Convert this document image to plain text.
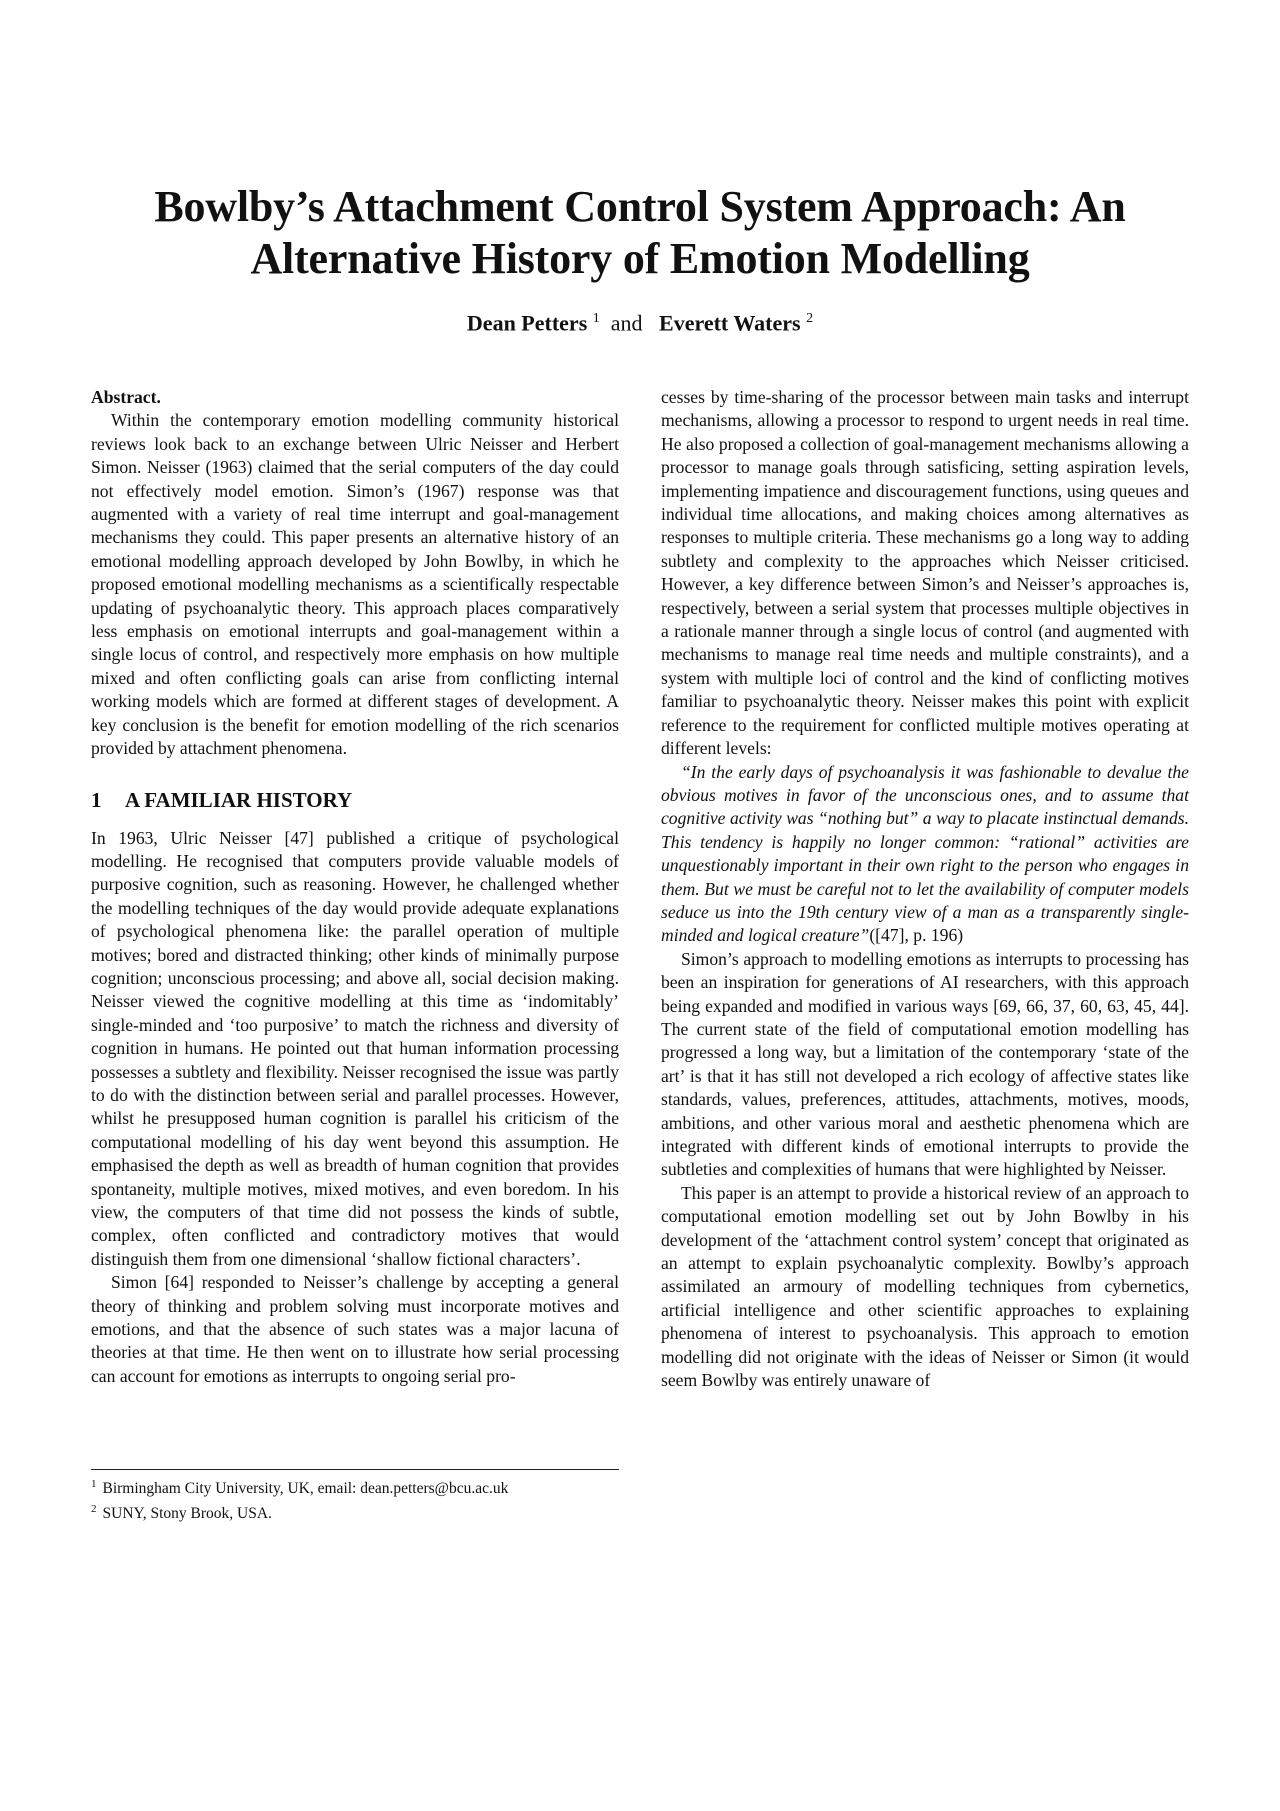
Bowlby’s Attachment Control System Approach: An Alternative History of Emotion Modelling
Dean Petters $^1$ and Everett Waters $^2$

Abstract.

Within the contemporary emotion modelling community historical reviews look back to an exchange between Ulric Neisser and Herbert Simon. Neisser (1963) claimed that the serial computers of the day could not effectively model emotion. Simon’s (1967) response was that augmented with a variety of real time interrupt and goal-management mechanisms they could. This paper presents an alternative history of an emotional modelling approach developed by John Bowlby, in which he proposed emotional modelling mechanisms as a scientifically respectable updating of psychoanalytic theory. This approach places comparatively less emphasis on emotional interrupts and goal-management within a single locus of control, and respectively more emphasis on how multiple mixed and often conflicting goals can arise from conflicting internal working models which are formed at different stages of development. A key conclusion is the benefit for emotion modelling of the rich scenarios provided by attachment phenomena.

1 A FAMILIAR HISTORY

In 1963, Ulric Neisser [47] published a critique of psychological modelling. He recognised that computers provide valuable models of purposive cognition, such as reasoning. However, he challenged whether the modelling techniques of the day would provide adequate explanations of psychological phenomena like: the parallel operation of multiple motives; bored and distracted thinking; other kinds of minimally purpose cognition; unconscious processing; and above all, social decision making. Neisser viewed the cognitive modelling at this time as ‘indomitably’ single-minded and ‘too purposive’ to match the richness and diversity of cognition in humans. He pointed out that human information processing possesses a subtlety and flexibility. Neisser recognised the issue was partly to do with the distinction between serial and parallel processes. However, whilst he presupposed human cognition is parallel his criticism of the computational modelling of his day went beyond this assumption. He emphasised the depth as well as breadth of human cognition that provides spontaneity, multiple motives, mixed motives, and even boredom. In his view, the computers of that time did not possess the kinds of subtle, complex, often conflicted and contradictory motives that would distinguish them from one dimensional ‘shallow fictional characters’.

Simon [64] responded to Neisser’s challenge by accepting a general theory of thinking and problem solving must incorporate motives and emotions, and that the absence of such states was a major lacuna of theories at that time. He then went on to illustrate how serial processing can account for emotions as interrupts to ongoing serial pro-

$^1$ Birmingham City University, UK, email: dean.petters@bcu.ac.uk
$^2$ SUNY, Stony Brook, USA.

cesses by time-sharing of the processor between main tasks and interrupt mechanisms, allowing a processor to respond to urgent needs in real time. He also proposed a collection of goal-management mechanisms allowing a processor to manage goals through satisficing, setting aspiration levels, implementing impatience and discouragement functions, using queues and individual time allocations, and making choices among alternatives as responses to multiple criteria. These mechanisms go a long way to adding subtlety and complexity to the approaches which Neisser criticised. However, a key difference between Simon’s and Neisser’s approaches is, respectively, between a serial system that processes multiple objectives in a rationale manner through a single locus of control (and augmented with mechanisms to manage real time needs and multiple constraints), and a system with multiple loci of control and the kind of conflicting motives familiar to psychoanalytic theory. Neisser makes this point with explicit reference to the requirement for conflicted multiple motives operating at different levels:

“In the early days of psychoanalysis it was fashionable to devalue the obvious motives in favor of the unconscious ones, and to assume that cognitive activity was “nothing but” a way to placate instinctual demands. This tendency is happily no longer common: “rational” activities are unquestionably important in their own right to the person who engages in them. But we must be careful not to let the availability of computer models seduce us into the 19th century view of a man as a transparently single-minded and logical creature”([47], p. 196)

Simon’s approach to modelling emotions as interrupts to processing has been an inspiration for generations of AI researchers, with this approach being expanded and modified in various ways [69, 66, 37, 60, 63, 45, 44]. The current state of the field of computational emotion modelling has progressed a long way, but a limitation of the contemporary ‘state of the art’ is that it has still not developed a rich ecology of affective states like standards, values, preferences, attitudes, attachments, motives, moods, ambitions, and other various moral and aesthetic phenomena which are integrated with different kinds of emotional interrupts to provide the subtleties and complexities of humans that were highlighted by Neisser.

This paper is an attempt to provide a historical review of an approach to computational emotion modelling set out by John Bowlby in his development of the ‘attachment control system’ concept that originated as an attempt to explain psychoanalytic complexity. Bowlby’s approach assimilated an armoury of modelling techniques from cybernetics, artificial intelligence and other scientific approaches to explaining phenomena of interest to psychoanalysis. This approach to emotion modelling did not originate with the ideas of Neisser or Simon (it would seem Bowlby was entirely unaware of
